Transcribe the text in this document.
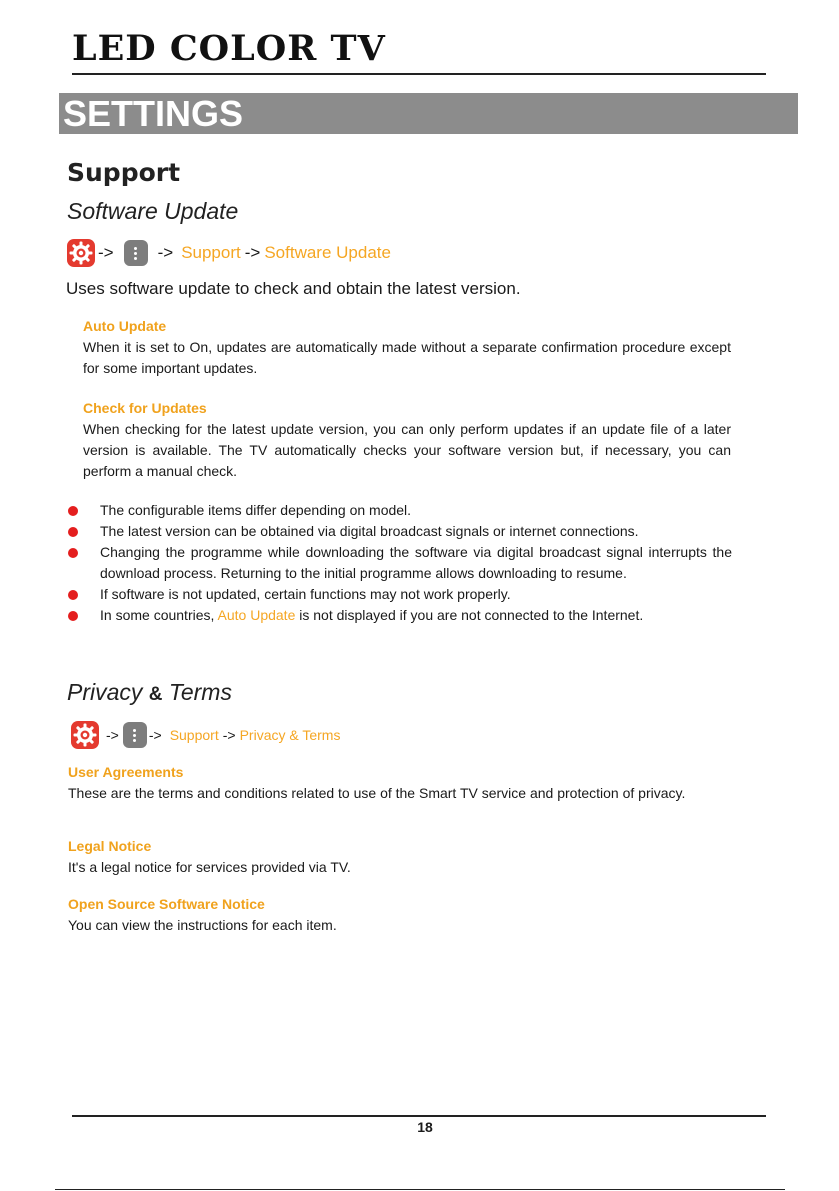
LED COLOR TV
SETTINGS
Support
Software Update
->	-> Support -> Software Update
Uses software update to check and obtain the latest version.
Auto Update
When it is set to On, updates are automatically made without a separate confirmation procedure except for some important updates.
Check for Updates
When checking for the latest update version, you can only perform updates if an update file of a later version is available. The TV automatically checks your software version but, if necessary, you can perform a manual check.
The configurable items differ depending on model.
The latest version can be obtained via digital broadcast signals or internet connections.
Changing the programme while downloading the software via digital broadcast signal interrupts the download process. Returning to the initial programme allows downloading to resume.
If software is not updated, certain functions may not work properly.
In some countries, Auto Update is not displayed if you are not connected to the Internet.
Privacy & Terms
-> -> Support -> Privacy & Terms
User Agreements
These are the terms and conditions related to use of the Smart TV service and protection of privacy.
Legal Notice
It's a legal notice for services provided via TV.
Open Source Software Notice
You can view the instructions for each item.
18
